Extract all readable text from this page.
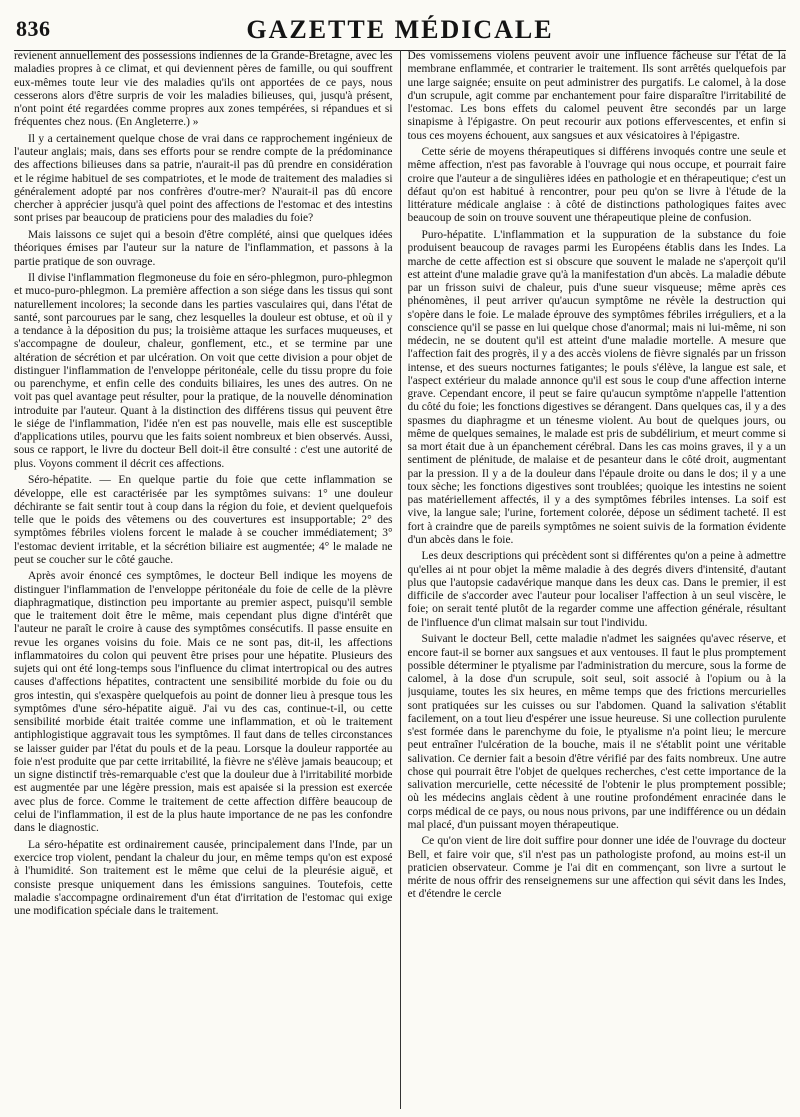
836	GAZETTE MÉDICALE

revienent annuellement des possessions indiennes de la Grande-Bretagne, avec les maladies propres à ce climat, et qui deviennent pères de famille, ou qui souffrent eux-mêmes toute leur vie des maladies qu'ils ont apportées de ce pays, nous cesserons alors d'être surpris de voir les maladies bilieuses, qui, jusqu'à présent, n'ont point été regardées comme propres aux zones tempérées, si répandues et si fréquentes chez nous. (En Angleterre.) »

Il y a certainement quelque chose de vrai dans ce rapprochement ingénieux de l'auteur anglais; mais, dans ses efforts pour se rendre compte de la prédominance des affections bilieuses dans sa patrie, n'aurait-il pas dû prendre en considération et le régime habituel de ses compatriotes, et le mode de traitement des maladies si généralement adopté par nos confrères d'outre-mer? N'aurait-il pas dû encore chercher à apprécier jusqu'à quel point des affections de l'estomac et des intestins sont prises par beaucoup de praticiens pour des maladies du foie?

Mais laissons ce sujet qui a besoin d'être complété, ainsi que quelques idées théoriques émises par l'auteur sur la nature de l'inflammation, et passons à la partie pratique de son ouvrage.

Il divise l'inflammation flegmoneuse du foie en séro-phlegmon, puro-phlegmon et muco-puro-phlegmon. La première affection a son siége dans les tissus qui sont naturellement incolores; la seconde dans les parties vasculaires qui, dans l'état de santé, sont parcourues par le sang, chez lesquelles la douleur est obtuse, et où il y a tendance à la déposition du pus; la troisième attaque les surfaces muqueuses, et s'accompagne de douleur, chaleur, gonflement, etc., et se termine par une altération de sécrétion et par ulcération. On voit que cette division a pour objet de distinguer l'inflammation de l'enveloppe péritonéale, celle du tissu propre du foie ou parenchyme, et enfin celle des conduits biliaires, les unes des autres. On ne voit pas quel avantage peut résulter, pour la pratique, de la nouvelle dénomination introduite par l'auteur. Quant à la distinction des différens tissus qui peuvent être le siége de l'inflammation, l'idée n'en est pas nouvelle, mais elle est susceptible d'applications utiles, pourvu que les faits soient nombreux et bien observés. Aussi, sous ce rapport, le livre du docteur Bell doit-il être consulté : c'est une autorité de plus. Voyons comment il décrit ces affections.

Séro-hépatite. — En quelque partie du foie que cette inflammation se développe, elle est caractérisée par les symptômes suivans: 1° une douleur déchirante se fait sentir tout à coup dans la région du foie, et devient quelquefois telle que le poids des vêtemens ou des couvertures est insupportable; 2° des symptômes fébriles violens forcent le malade à se coucher immédiatement; 3° l'estomac devient irritable, et la sécrétion biliaire est augmentée; 4° le malade ne peut se coucher sur le côté gauche.

Après avoir énoncé ces symptômes, le docteur Bell indique les moyens de distinguer l'inflammation de l'enveloppe péritonéale du foie de celle de la plèvre diaphragmatique, distinction peu importante au premier aspect, puisqu'il semble que le traitement doit être le même, mais cependant plus digne d'intérêt que l'auteur ne paraît le croire à cause des symptômes consécutifs. Il passe ensuite en revue les organes voisins du foie. Mais ce ne sont pas, dit-il, les affections inflammatoires du colon qui peuvent être prises pour une hépatite. Plusieurs des sujets qui ont été long-temps sous l'influence du climat intertropical ou des autres causes d'affections hépatites, contractent une sensibilité morbide du foie ou du gros intestin, qui s'exaspère quelquefois au point de donner lieu à presque tous les symptômes d'une séro-hépatite aiguë. J'ai vu des cas, continue-t-il, ou cette sensibilité morbide était traitée comme une inflammation, et où le traitement antiphlogistique aggravait tous les symptômes. Il faut dans de telles circonstances se laisser guider par l'état du pouls et de la peau. Lorsque la douleur rapportée au foie n'est produite que par cette irritabilité, la fièvre ne s'élève jamais beaucoup; et un signe distinctif très-remarquable c'est que la douleur due à l'irritabilité morbide est augmentée par une légère pression, mais est apaisée si la pression est exercée avec plus de force. Comme le traitement de cette affection diffère beaucoup de celui de l'inflammation, il est de la plus haute importance de ne pas les confondre dans le diagnostic.

La séro-hépatite est ordinairement causée, principalement dans l'Inde, par un exercice trop violent, pendant la chaleur du jour, en même temps qu'on est exposé à l'humidité. Son traitement est le même que celui de la pleurésie aiguë, et consiste presque uniquement dans les émissions sanguines. Toutefois, cette maladie s'accompagne ordinairement d'un état d'irritation de l'estomac qui exige une modification spéciale dans le traitement.

Des vomissemens violens peuvent avoir une influence fâcheuse sur l'état de la membrane enflammée, et contrarier le traitement. Ils sont arrêtés quelquefois par une large saignée; ensuite on peut administrer des purgatifs. Le calomel, à la dose d'un scrupule, agit comme par enchantement pour faire disparaître l'irritabilité de l'estomac. Les bons effets du calomel peuvent être secondés par un large sinapisme à l'épigastre. On peut recourir aux potions effervescentes, et enfin si tous ces moyens échouent, aux sangsues et aux vésicatoires à l'épigastre.

Cette série de moyens thérapeutiques si différens invoqués contre une seule et même affection, n'est pas favorable à l'ouvrage qui nous occupe, et pourrait faire croire que l'auteur a de singulières idées en pathologie et en thérapeutique; c'est un défaut qu'on est habitué à rencontrer, pour peu qu'on se livre à l'étude de la littérature médicale anglaise : à côté de distinctions pathologiques faites avec beaucoup de soin on trouve souvent une thérapeutique pleine de confusion.

Puro-hépatite. L'inflammation et la suppuration de la substance du foie produisent beaucoup de ravages parmi les Européens établis dans les Indes. La marche de cette affection est si obscure que souvent le malade ne s'aperçoit qu'il est atteint d'une maladie grave qu'à la manifestation d'un abcès. La maladie débute par un frisson suivi de chaleur, puis d'une sueur visqueuse; même après ces phénomènes, il peut arriver qu'aucun symptôme ne révèle la destruction qui s'opère dans le foie. Le malade éprouve des symptômes fébriles irréguliers, et a la conscience qu'il se passe en lui quelque chose d'anormal; mais ni lui-même, ni son médecin, ne se doutent qu'il est atteint d'une maladie mortelle. A mesure que l'affection fait des progrès, il y a des accès violens de fièvre signalés par un frisson intense, et des sueurs nocturnes fatigantes; le pouls s'élève, la langue est sale, et l'aspect extérieur du malade annonce qu'il est sous le coup d'une affection interne grave. Cependant encore, il peut se faire qu'aucun symptôme n'appelle l'attention du côté du foie; les fonctions digestives se dérangent. Dans quelques cas, il y a des spasmes du diaphragme et un ténesme violent. Au bout de quelques jours, ou même de quelques semaines, le malade est pris de subdélirium, et meurt comme si sa mort était due à un épanchement cérébral. Dans les cas moins graves, il y a un sentiment de plénitude, de malaise et de pesanteur dans le côté droit, augmentant par la pression. Il y a de la douleur dans l'épaule droite ou dans le dos; il y a une toux sèche; les fonctions digestives sont troublées; quoique les intestins ne soient pas matériellement affectés, il y a des symptômes fébriles intenses. La soif est vive, la langue sale; l'urine, fortement colorée, dépose un sédiment tacheté. Il est fort à craindre que de pareils symptômes ne soient suivis de la formation évidente d'un abcès dans le foie.

Les deux descriptions qui précèdent sont si différentes qu'on a peine à admettre qu'elles ai nt pour objet la même maladie à des degrés divers d'intensité, d'autant plus que l'autopsie cadavérique manque dans les deux cas. Dans le premier, il est difficile de s'accorder avec l'auteur pour localiser l'affection à un seul viscère, le foie; on serait tenté plutôt de la regarder comme une affection générale, résultant de l'influence d'un climat malsain sur tout l'individu.

Suivant le docteur Bell, cette maladie n'admet les saignées qu'avec réserve, et encore faut-il se borner aux sangsues et aux ventouses. Il faut le plus promptement possible déterminer le ptyalisme par l'administration du mercure, sous la forme de calomel, à la dose d'un scrupule, soit seul, soit associé à l'opium ou à la jusquiame, toutes les six heures, en même temps que des frictions mercurielles sont pratiquées sur les cuisses ou sur l'abdomen. Quand la salivation s'établit facilement, on a tout lieu d'espérer une issue heureuse. Si une collection purulente s'est formée dans le parenchyme du foie, le ptyalisme n'a point lieu; le mercure peut entraîner l'ulcération de la bouche, mais il ne s'établit point une véritable salivation. Ce dernier fait a besoin d'être vérifié par des faits nombreux. Une autre chose qui pourrait être l'objet de quelques recherches, c'est cette importance de la salivation mercurielle, cette nécessité de l'obtenir le plus promptement possible; où les médecins anglais cèdent à une routine profondément enracinée dans le corps médical de ce pays, ou nous nous privons, par une indifférence ou un dédain mal placé, d'un puissant moyen thérapeutique.

Ce qu'on vient de lire doit suffire pour donner une idée de l'ouvrage du docteur Bell, et faire voir que, s'il n'est pas un pathologiste profond, au moins est-il un praticien observateur. Comme je l'ai dit en commençant, son livre a surtout le mérite de nous offrir des renseignemens sur une affection qui sévit dans les Indes, et d'étendre le cercle
